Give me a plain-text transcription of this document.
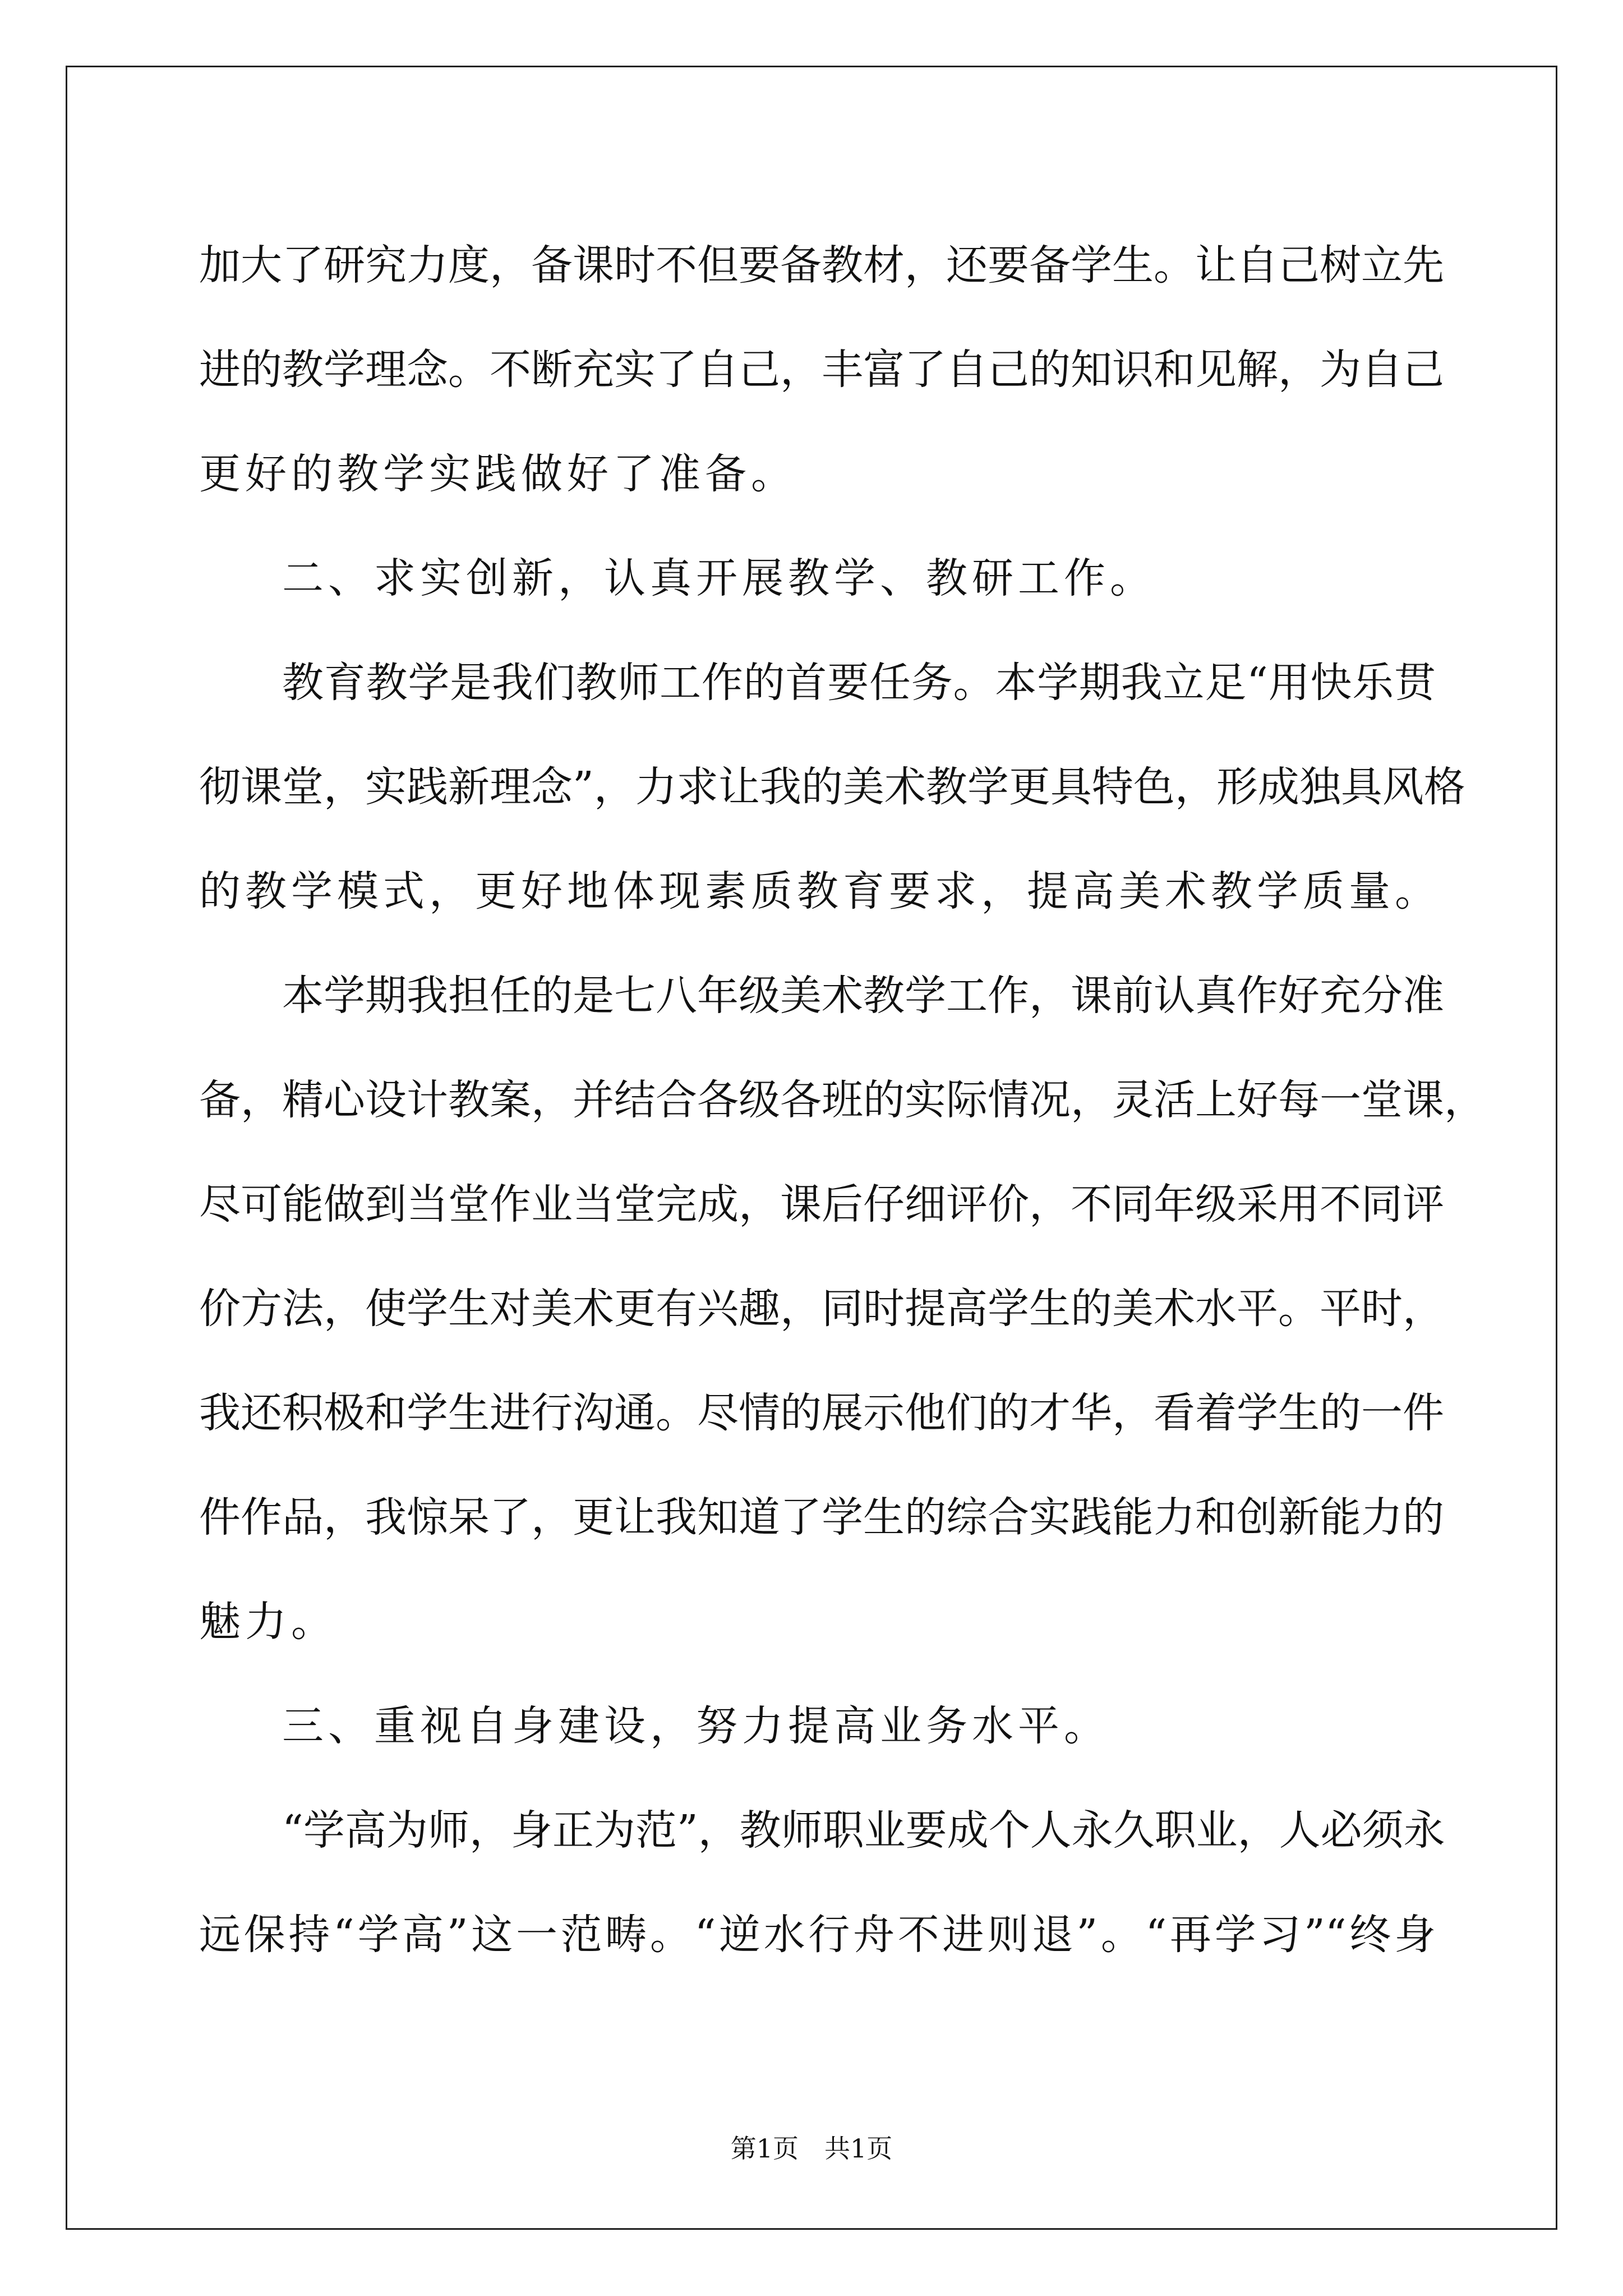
加大了研究力度，备课时不但要备教材，还要备学生。让自己树立先
进的教学理念。不断充实了自己，丰富了自己的知识和见解，为自己
更好的教学实践做好了准备。
二、求实创新，认真开展教学、教研工作。
教育教学是我们教师工作的首要任务。本学期我立足“用快乐贯
彻课堂，实践新理念”，力求让我的美术教学更具特色，形成独具风格
的教学模式，更好地体现素质教育要求，提高美术教学质量。
本学期我担任的是七八年级美术教学工作，课前认真作好充分准
备，精心设计教案，并结合各级各班的实际情况，灵活上好每一堂课，
尽可能做到当堂作业当堂完成，课后仔细评价，不同年级采用不同评
价方法，使学生对美术更有兴趣，同时提高学生的美术水平。平时，
我还积极和学生进行沟通。尽情的展示他们的才华，看着学生的一件
件作品，我惊呆了，更让我知道了学生的综合实践能力和创新能力的
魅力。
三、重视自身建设，努力提高业务水平。
“学高为师，身正为范”，教师职业要成个人永久职业，人必须永
远保持“学高”这一范畴。“逆水行舟不进则退”。“再学习”“终身
第1页 共1页
